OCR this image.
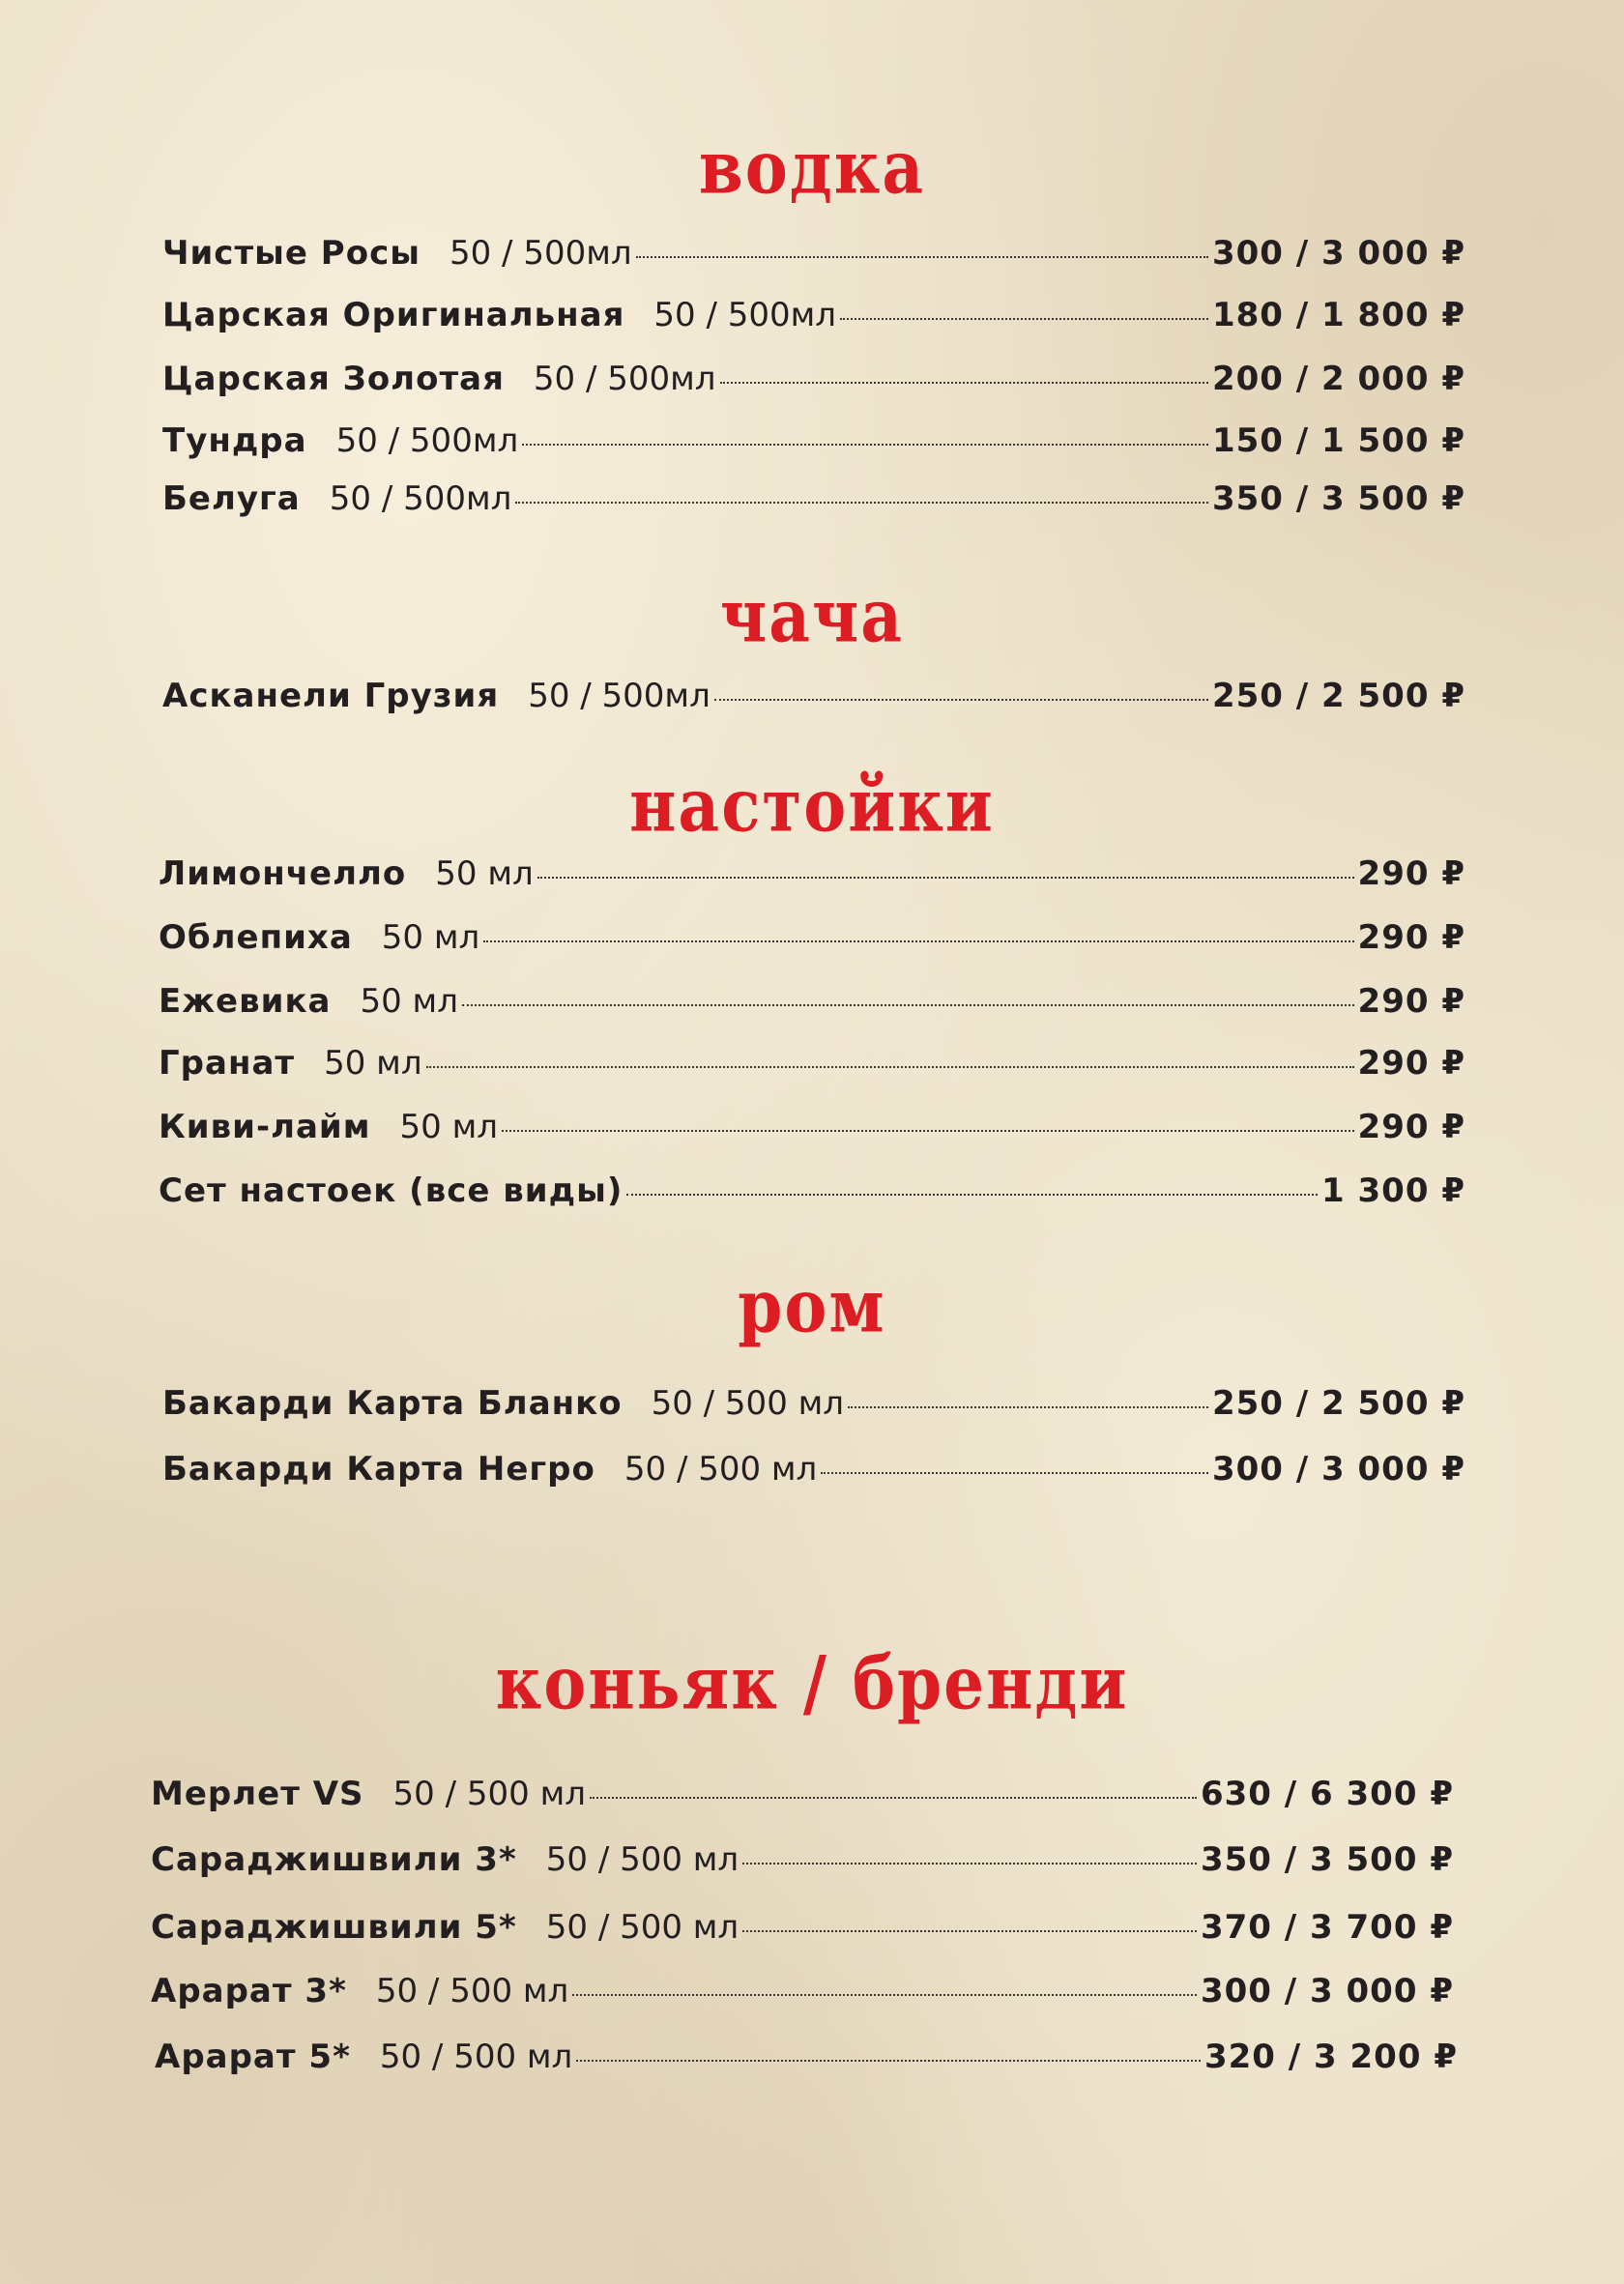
водка
Чистые Росы 50 / 500мл	300 / 3 000 ₽
Царская Оригинальная 50 / 500мл	180 / 1 800 ₽
Царская Золотая 50 / 500мл	200 / 2 000 ₽
Тундра 50 / 500мл	150 / 1 500 ₽
Белуга 50 / 500мл	350 / 3 500 ₽
чача
Асканели Грузия 50 / 500мл	250 / 2 500 ₽
настойки
Лимончелло 50 мл	290 ₽
Облепиха 50 мл	290 ₽
Ежевика 50 мл	290 ₽
Гранат 50 мл	290 ₽
Киви-лайм 50 мл	290 ₽
Сет настоек (все виды)	1 300 ₽
ром
Бакарди Карта Бланко 50 / 500 мл	250 / 2 500 ₽
Бакарди Карта Негро 50 / 500 мл	300 / 3 000 ₽
коньяк / бренди
Мерлет VS 50 / 500 мл	630 / 6 300 ₽
Сараджишвили 3* 50 / 500 мл	350 / 3 500 ₽
Сараджишвили 5* 50 / 500 мл	370 / 3 700 ₽
Арарат 3* 50 / 500 мл	300 / 3 000 ₽
Арарат 5* 50 / 500 мл	320 / 3 200 ₽
